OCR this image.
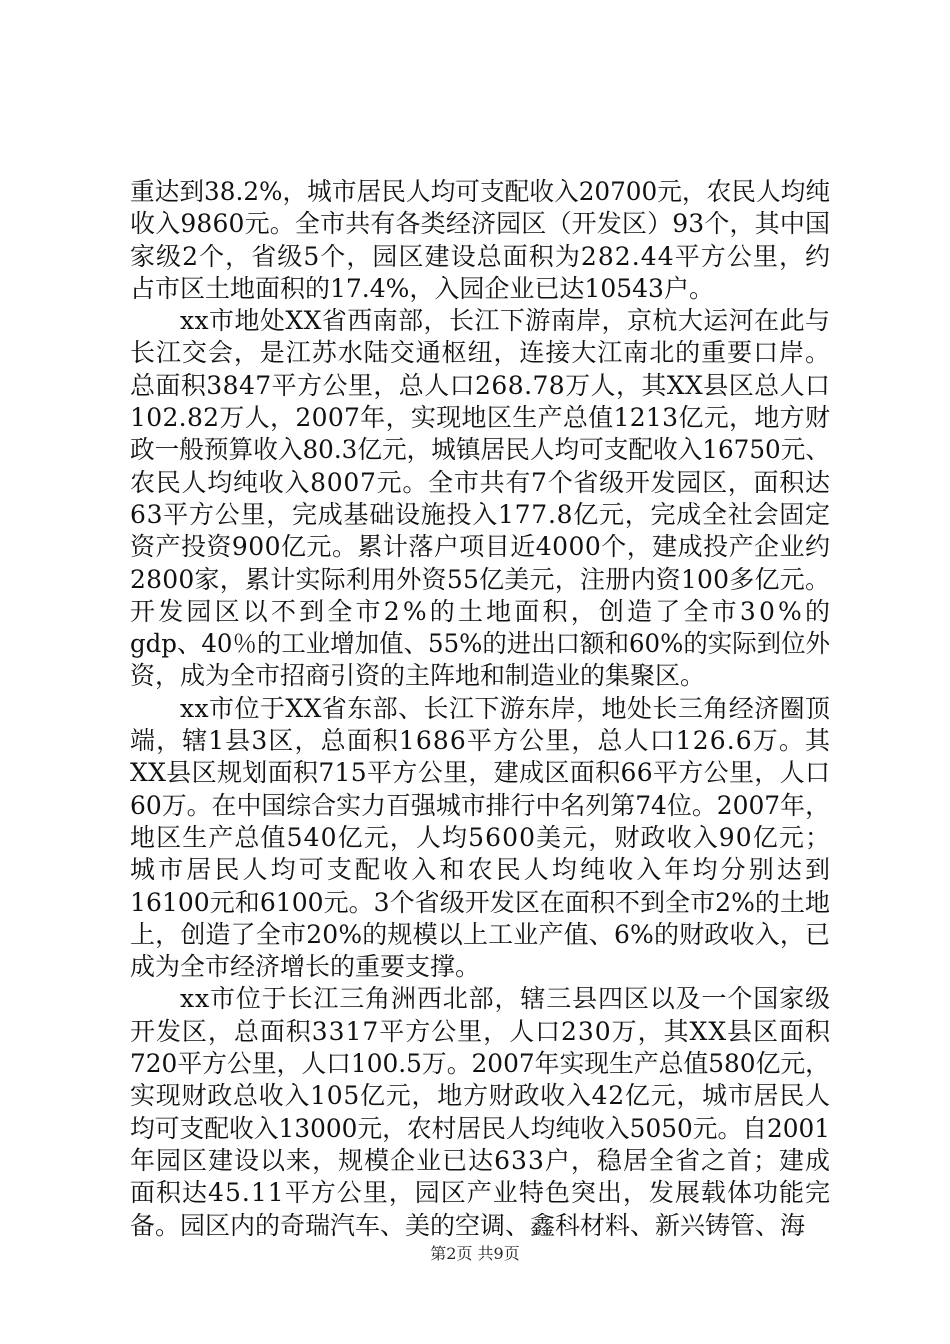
重达到38.2%，城市居民人均可支配收入20700元，农民人均纯
收入9860元。全市共有各类经济园区（开发区）93个，其中国
家级2个，省级5个，园区建设总面积为282.44平方公里，约
占市区土地面积的17.4%，入园企业已达10543户。
xx市地处XX省西南部，长江下游南岸，京杭大运河在此与
长江交会，是江苏水陆交通枢纽，连接大江南北的重要口岸。
总面积3847平方公里，总人口268.78万人，其XX县区总人口
102.82万人，2007年，实现地区生产总值1213亿元，地方财
政一般预算收入80.3亿元，城镇居民人均可支配收入16750元、
农民人均纯收入8007元。全市共有7个省级开发园区，面积达
63平方公里，完成基础设施投入177.8亿元，完成全社会固定
资产投资900亿元。累计落户项目近4000个，建成投产企业约
2800家，累计实际利用外资55亿美元，注册内资100多亿元。
开发园区以不到全市2%的土地面积，创造了全市30%的
gdp、40％的工业增加值、55%的进出口额和60%的实际到位外
资，成为全市招商引资的主阵地和制造业的集聚区。
xx市位于XX省东部、长江下游东岸，地处长三角经济圈顶
端，辖1县3区，总面积1686平方公里，总人口126.6万。其
XX县区规划面积715平方公里，建成区面积66平方公里，人口
60万。在中国综合实力百强城市排行中名列第74位。2007年，
地区生产总值540亿元，人均5600美元，财政收入90亿元；
城市居民人均可支配收入和农民人均纯收入年均分别达到
16100元和6100元。3个省级开发区在面积不到全市2%的土地
上，创造了全市20%的规模以上工业产值、6%的财政收入，已
成为全市经济增长的重要支撑。
xx市位于长江三角洲西北部，辖三县四区以及一个国家级
开发区，总面积3317平方公里，人口230万，其XX县区面积
720平方公里，人口100.5万。2007年实现生产总值580亿元，
实现财政总收入105亿元，地方财政收入42亿元，城市居民人
均可支配收入13000元，农村居民人均纯收入5050元。自2001
年园区建设以来，规模企业已达633户，稳居全省之首；建成
面积达45.11平方公里，园区产业特色突出，发展载体功能完
备。园区内的奇瑞汽车、美的空调、鑫科材料、新兴铸管、海
第2页 共9页
